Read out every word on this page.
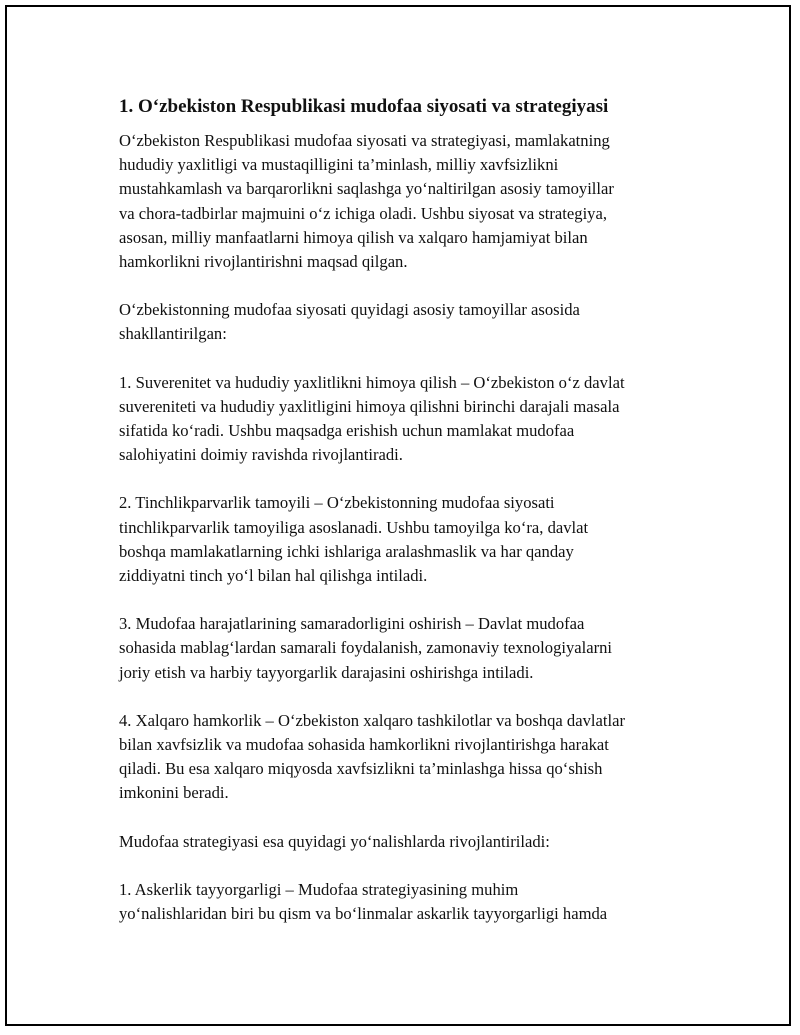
1. O‘zbekiston Respublikasi mudofaa siyosati va strategiyasi

O‘zbekiston Respublikasi mudofaa siyosati va strategiyasi, mamlakatning
hududiy yaxlitligi va mustaqilligini ta’minlash, milliy xavfsizlikni
mustahkamlash va barqarorlikni saqlashga yo‘naltirilgan asosiy tamoyillar
va chora-tadbirlar majmuini o‘z ichiga oladi. Ushbu siyosat va strategiya,
asosan, milliy manfaatlarni himoya qilish va xalqaro hamjamiyat bilan
hamkorlikni rivojlantirishni maqsad qilgan.

O‘zbekistonning mudofaa siyosati quyidagi asosiy tamoyillar asosida
shakllantirilgan:

1. Suverenitet va hududiy yaxlitlikni himoya qilish – O‘zbekiston o‘z davlat
suvereniteti va hududiy yaxlitligini himoya qilishni birinchi darajali masala
sifatida ko‘radi. Ushbu maqsadga erishish uchun mamlakat mudofaa
salohiyatini doimiy ravishda rivojlantiradi.

2. Tinchlikparvarlik tamoyili – O‘zbekistonning mudofaa siyosati
tinchlikparvarlik tamoyiliga asoslanadi. Ushbu tamoyilga ko‘ra, davlat
boshqa mamlakatlarning ichki ishlariga aralashmaslik va har qanday
ziddiyatni tinch yo‘l bilan hal qilishga intiladi.

3. Mudofaa harajatlarining samaradorligini oshirish – Davlat mudofaa
sohasida mablag‘lardan samarali foydalanish, zamonaviy texnologiyalarni
joriy etish va harbiy tayyorgarlik darajasini oshirishga intiladi.

4. Xalqaro hamkorlik – O‘zbekiston xalqaro tashkilotlar va boshqa davlatlar
bilan xavfsizlik va mudofaa sohasida hamkorlikni rivojlantirishga harakat
qiladi. Bu esa xalqaro miqyosda xavfsizlikni ta’minlashga hissa qo‘shish
imkonini beradi.

Mudofaa strategiyasi esa quyidagi yo‘nalishlarda rivojlantiriladi:

1. Askerlik tayyorgarligi – Mudofaa strategiyasining muhim
yo‘nalishlaridan biri bu qism va bo‘linmalar askarlik tayyorgarligi hamda
